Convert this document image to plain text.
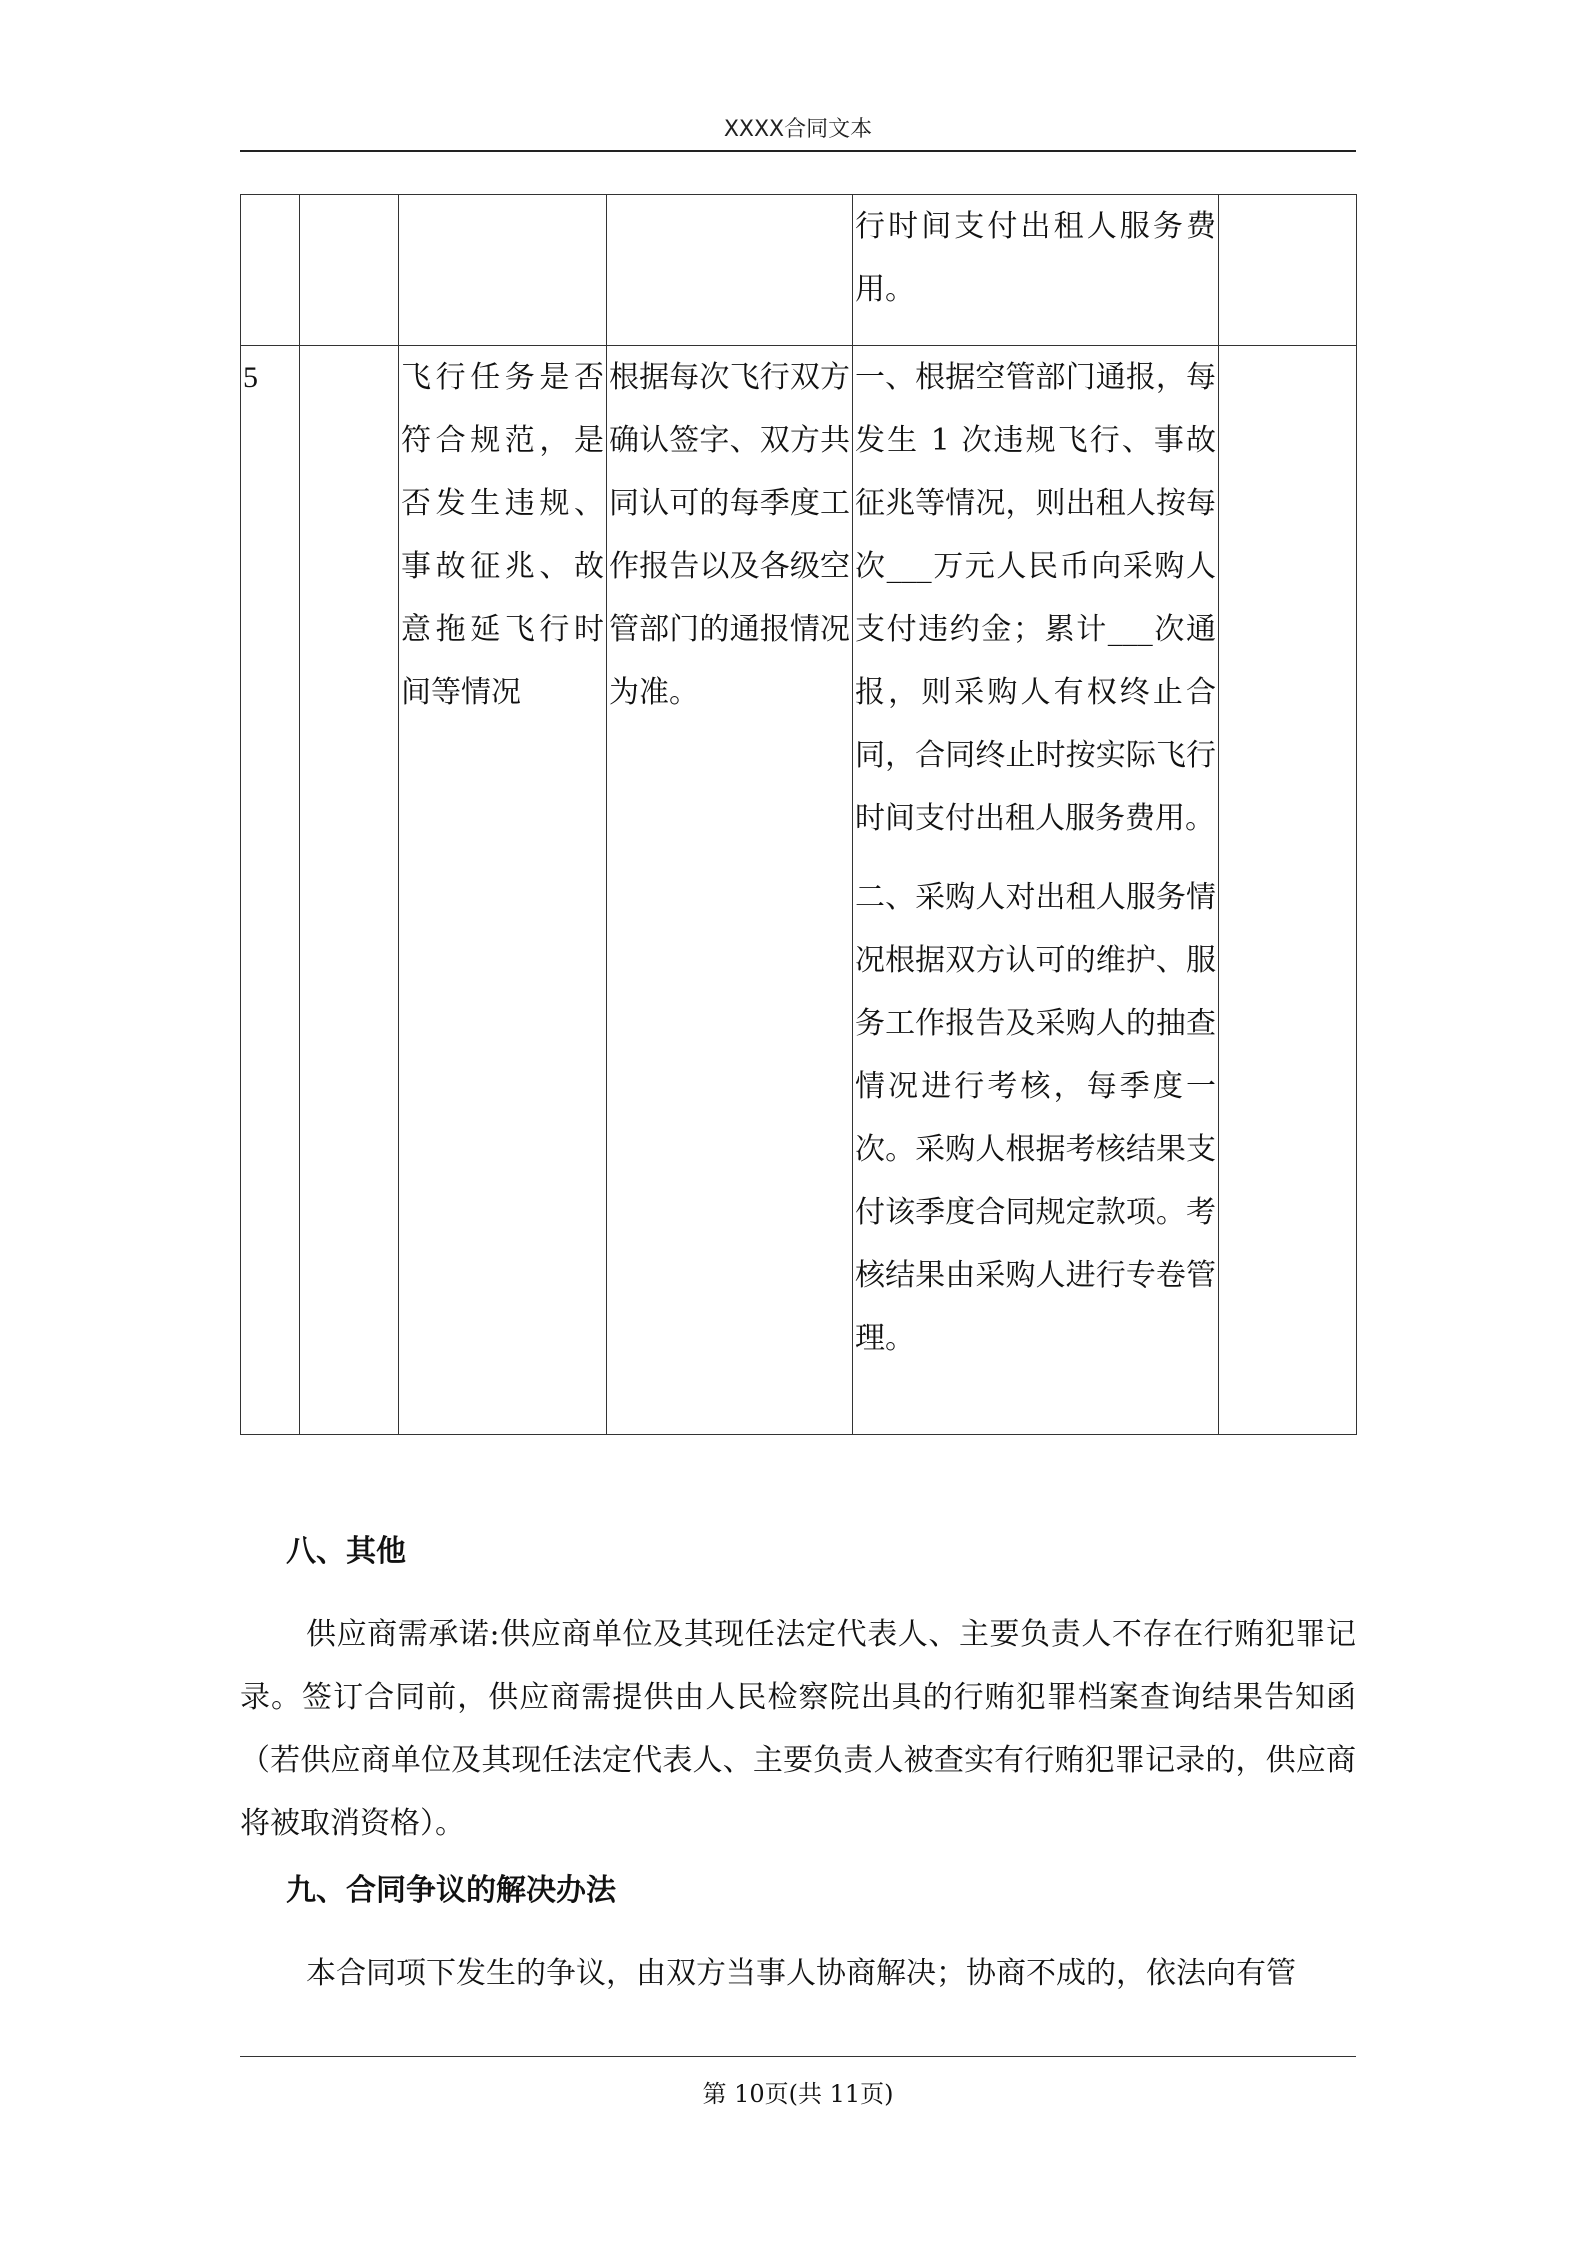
XXXX合同文本
				行时间支付出租人服务费用。	
5		飞行任务是否符合规范，是否发生违规、事故征兆、故意拖延飞行时间等情况	根据每次飞行双方确认签字、双方共同认可的每季度工作报告以及各级空管部门的通报情况为准。	一、根据空管部门通报，每发生 1 次违规飞行、事故征兆等情况，则出租人按每次___万元人民币向采购人支付违约金；累计___次通报，则采购人有权终止合同，合同终止时按实际飞行时间支付出租人服务费用。
二、采购人对出租人服务情况根据双方认可的维护、服务工作报告及采购人的抽查情况进行考核，每季度一次。采购人根据考核结果支付该季度合同规定款项。考核结果由采购人进行专卷管理。	

八、其他
供应商需承诺:供应商单位及其现任法定代表人、主要负责人不存在行贿犯罪记录。签订合同前，供应商需提供由人民检察院出具的行贿犯罪档案查询结果告知函（若供应商单位及其现任法定代表人、主要负责人被查实有行贿犯罪记录的，供应商将被取消资格）。
九、合同争议的解决办法
本合同项下发生的争议，由双方当事人协商解决；协商不成的，依法向有管
第 10页(共 11页)
